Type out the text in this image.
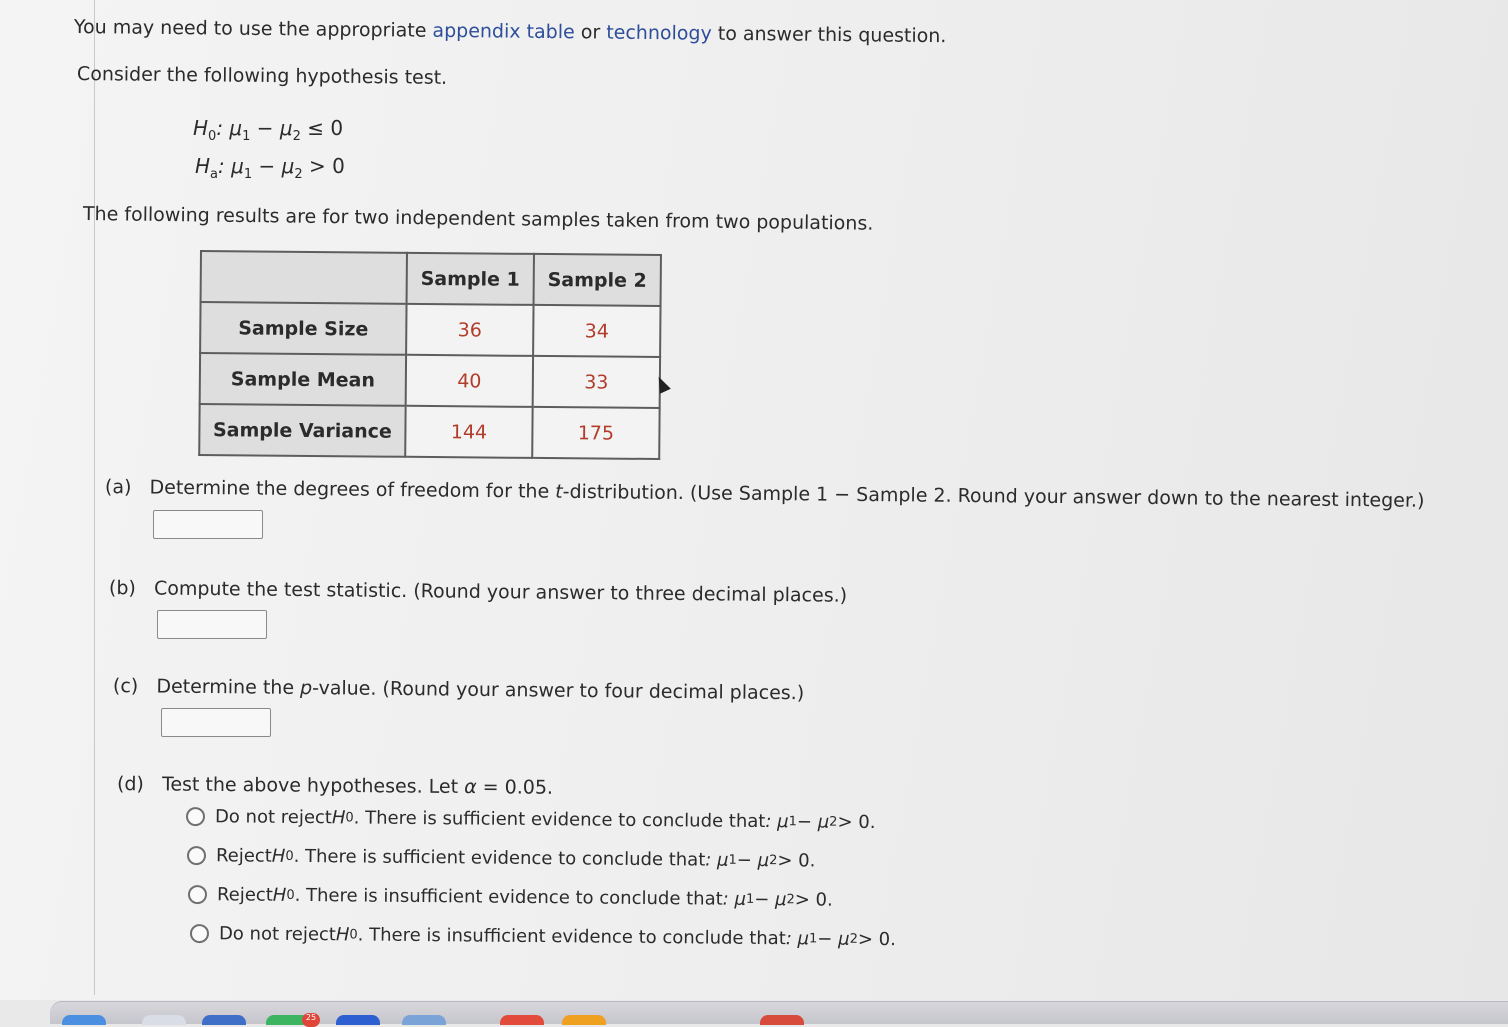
You may need to use the appropriate appendix table or technology to answer this question.
Consider the following hypothesis test.
$H_0$: $\mu_1 - \mu_2 \le 0$
$H_a$: $\mu_1 - \mu_2 > 0$
The following results are for two independent samples taken from two populations.
	Sample 1	Sample 2
Sample Size	36	34
Sample Mean	40	33
Sample Variance	144	175
(a) Determine the degrees of freedom for the t-distribution. (Use Sample 1 − Sample 2. Round your answer down to the nearest integer.)
(b) Compute the test statistic. (Round your answer to three decimal places.)
(c) Determine the p-value. (Round your answer to four decimal places.)
(d) Test the above hypotheses. Let α = 0.05.
Do not reject H 0 . There is sufficient evidence to conclude that : μ 1 − μ 2 > 0 .
Reject H 0 . There is sufficient evidence to conclude that : μ 1 − μ 2 > 0 .
Reject H 0 . There is insufficient evidence to conclude that : μ 1 − μ 2 > 0 .
Do not reject H 0 . There is insufficient evidence to conclude that : μ 1 − μ 2 > 0 .
25
